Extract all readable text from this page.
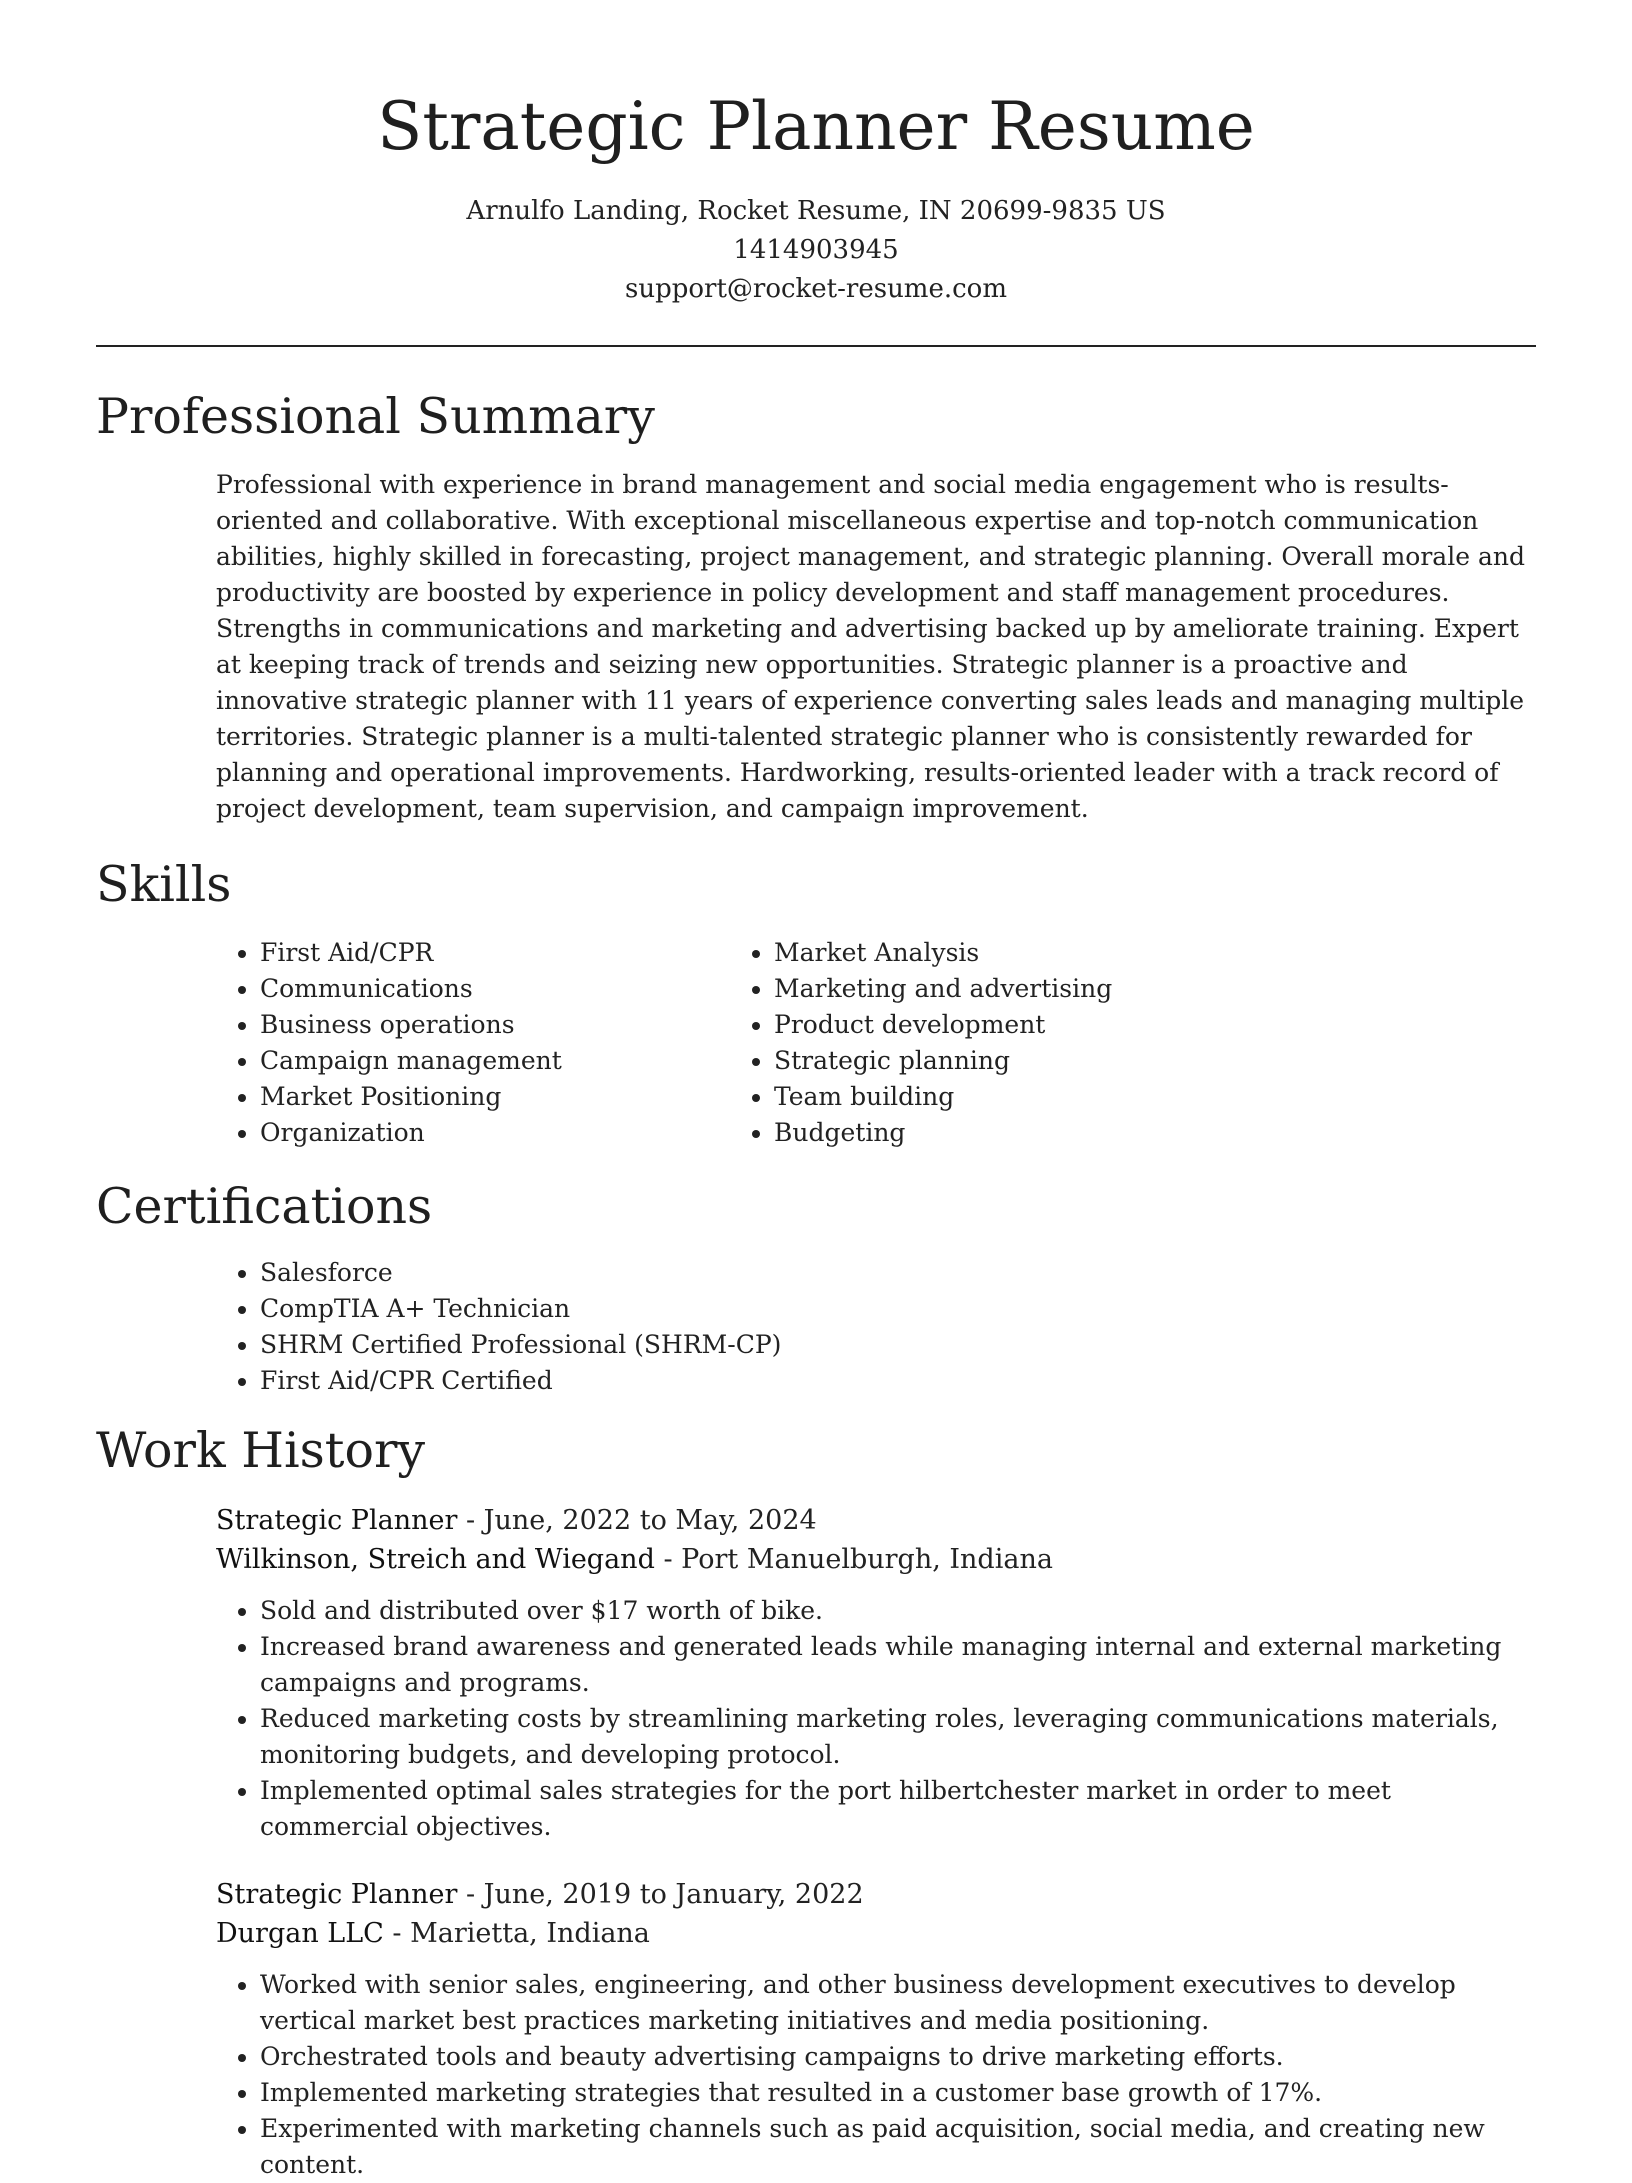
Strategic Planner Resume

Arnulfo Landing, Rocket Resume, IN 20699-9835 US

1414903945

support@rocket-resume.com

Professional Summary

Professional with experience in brand management and social media engagement who is results-oriented and collaborative. With exceptional miscellaneous expertise and top-notch communication abilities, highly skilled in forecasting, project management, and strategic planning. Overall morale and productivity are boosted by experience in policy development and staff management procedures. Strengths in communications and marketing and advertising backed up by ameliorate training. Expert at keeping track of trends and seizing new opportunities. Strategic planner is a proactive and innovative strategic planner with 11 years of experience converting sales leads and managing multiple territories. Strategic planner is a multi-talented strategic planner who is consistently rewarded for planning and operational improvements. Hardworking, results-oriented leader with a track record of project development, team supervision, and campaign improvement.

Skills
• First Aid/CPR
• Communications
• Business operations
• Campaign management
• Market Positioning
• Organization
• Market Analysis
• Marketing and advertising
• Product development
• Strategic planning
• Team building
• Budgeting
Certifications
• Salesforce
• CompTIA A+ Technician
• SHRM Certified Professional (SHRM-CP)
• First Aid/CPR Certified
Work History

Strategic Planner - June, 2022 to May, 2024

Wilkinson, Streich and Wiegand - Port Manuelburgh, Indiana

• Sold and distributed over $17 worth of bike.
• Increased brand awareness and generated leads while managing internal and external marketing campaigns and programs.
• Reduced marketing costs by streamlining marketing roles, leveraging communications materials, monitoring budgets, and developing protocol.
• Implemented optimal sales strategies for the port hilbertchester market in order to meet commercial objectives.

Strategic Planner - June, 2019 to January, 2022

Durgan LLC - Marietta, Indiana

• Worked with senior sales, engineering, and other business development executives to develop vertical market best practices marketing initiatives and media positioning.
• Orchestrated tools and beauty advertising campaigns to drive marketing efforts.
• Implemented marketing strategies that resulted in a customer base growth of 17%.
• Experimented with marketing channels such as paid acquisition, social media, and creating new content.
